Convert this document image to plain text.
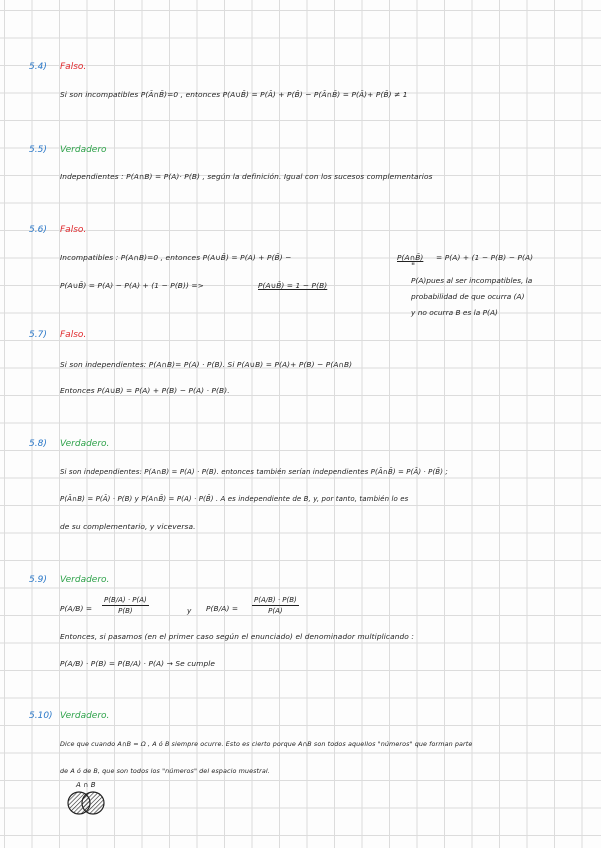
5.4) Falso.
Si son incompatibles P(Ā∩B̄)=0 , entonces P(A∪B̄) = P(Ā) + P(B̄) − P(Ā∩B̄) = P(Ā)+ P(B̄) ≠ 1
5.5) Verdadero
Independientes : P(A∩B) = P(A)· P(B) , según la definición. Igual con los sucesos complementarios
5.6) Falso.
Incompatibles : P(A∩B)=0 , entonces P(A∪B̄) = P(A) + P(B̄) −	P(A∩B̄) = P(A) + (1 − P(B) − P(A)
"
P(A∪B̄) = P(A) − P(A) + (1 − P(B)) =>	P(A∪B̄) = 1 − P(B)
P(A)pues al ser incompatibles, la
probabilidad de que ocurra (A)
y no ocurra B es la P(A)
5.7) Falso.
Si son independientes: P(A∩B)= P(A) · P(B). Si P(A∪B) = P(A)+ P(B) − P(A∩B)
Entonces P(A∪B) = P(A) + P(B) − P(A) · P(B).
5.8) Verdadero.
Si son independientes: P(A∩B) = P(A) · P(B). entonces también serían independientes P(Ā∩B̄) = P(Ā) · P(B̄) ;
P(Ā∩B) = P(Ā) · P(B) y P(A∩B̄) = P(A) · P(B̄) . A es independiente de B, y, por tanto, también lo es
de su complementario, y viceversa.
5.9) Verdadero.
$P(A/B) = \frac{P(B/A) \cdot P(A)}{P(B)}$	y $P(B/A) = \frac{P(A/B) \cdot P(B)}{P(A)}$
Entonces, si pasamos (en el primer caso según el enunciado) el denominador multiplicando :
P(A/B) · P(B) = P(B/A) · P(A) → Se cumple
5.10) Verdadero.
Dice que cuando A∩B = Ω , A ó B siempre ocurre. Esto es cierto porque A∩B son todos aquellos "números" que forman parte
de A ó de B, que son todos los "números" del espacio muestral.
A ∩ B
